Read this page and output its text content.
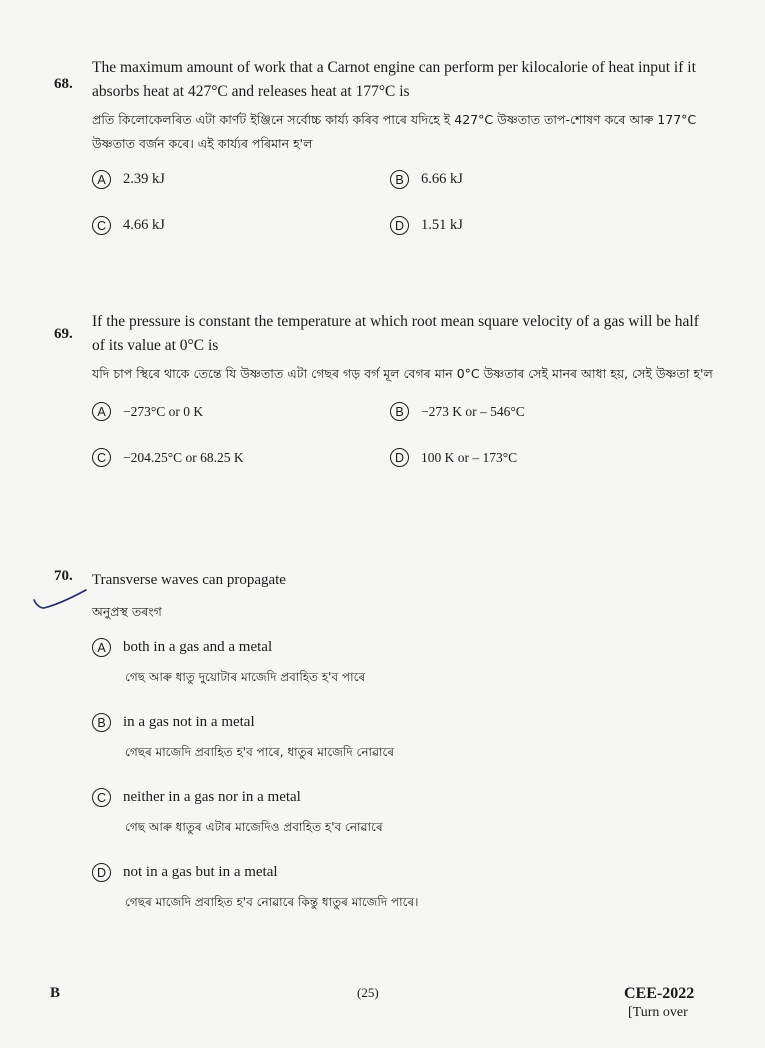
68.
The maximum amount of work that a Carnot engine can perform per kilocalorie of heat input if it absorbs heat at 427°C and releases heat at 177°C is
প্ৰতি কিলোকেলৰিত এটা কাৰ্ণট ইঞ্জিনে সৰ্বোচ্চ কাৰ্য্য কৰিব পাৰে যদিহে ই 427°C উষ্ণতাত তাপ-শোষণ কৰে আৰু 177°C উষ্ণতাত বৰ্জন কৰে। এই কাৰ্য্যৰ পৰিমান হ'ল
A	2.39 kJ	B	6.66 kJ
C	4.66 kJ	D	1.51 kJ
69.
If the pressure is constant the temperature at which root mean square velocity of a gas will be half of its value at 0°C is
যদি চাপ স্থিৰে থাকে তেন্তে যি উষ্ণতাত এটা গেছৰ গড় বৰ্গ মূল বেগৰ মান 0°C উষ্ণতাৰ সেই মানৰ আধা হয়, সেই উষ্ণতা হ'ল
A	−273°C or 0 K	B	−273 K or – 546°C
C	−204.25°C or 68.25 K	D	100 K or – 173°C
70. Transverse waves can propagate
অনুপ্ৰস্থ তৰংগ
A	both in a gas and a metal
গেছ আৰু ধাতু দুয়োটাৰ মাজেদি প্ৰবাহিত হ'ব পাৰে
B	in a gas not in a metal
গেছৰ মাজেদি প্ৰবাহিত হ'ব পাৰে, ধাতুৰ মাজেদি নোৱাৰে
C	neither in a gas nor in a metal
গেছ আৰু ধাতুৰ এটাৰ মাজেদিও প্ৰবাহিত হ'ব নোৱাৰে
D	not in a gas but in a metal
গেছৰ মাজেদি প্ৰবাহিত হ'ব নোৱাৰে কিন্তু ধাতুৰ মাজেদি পাৰে।
B	(25)	CEE-2022
[Turn over
